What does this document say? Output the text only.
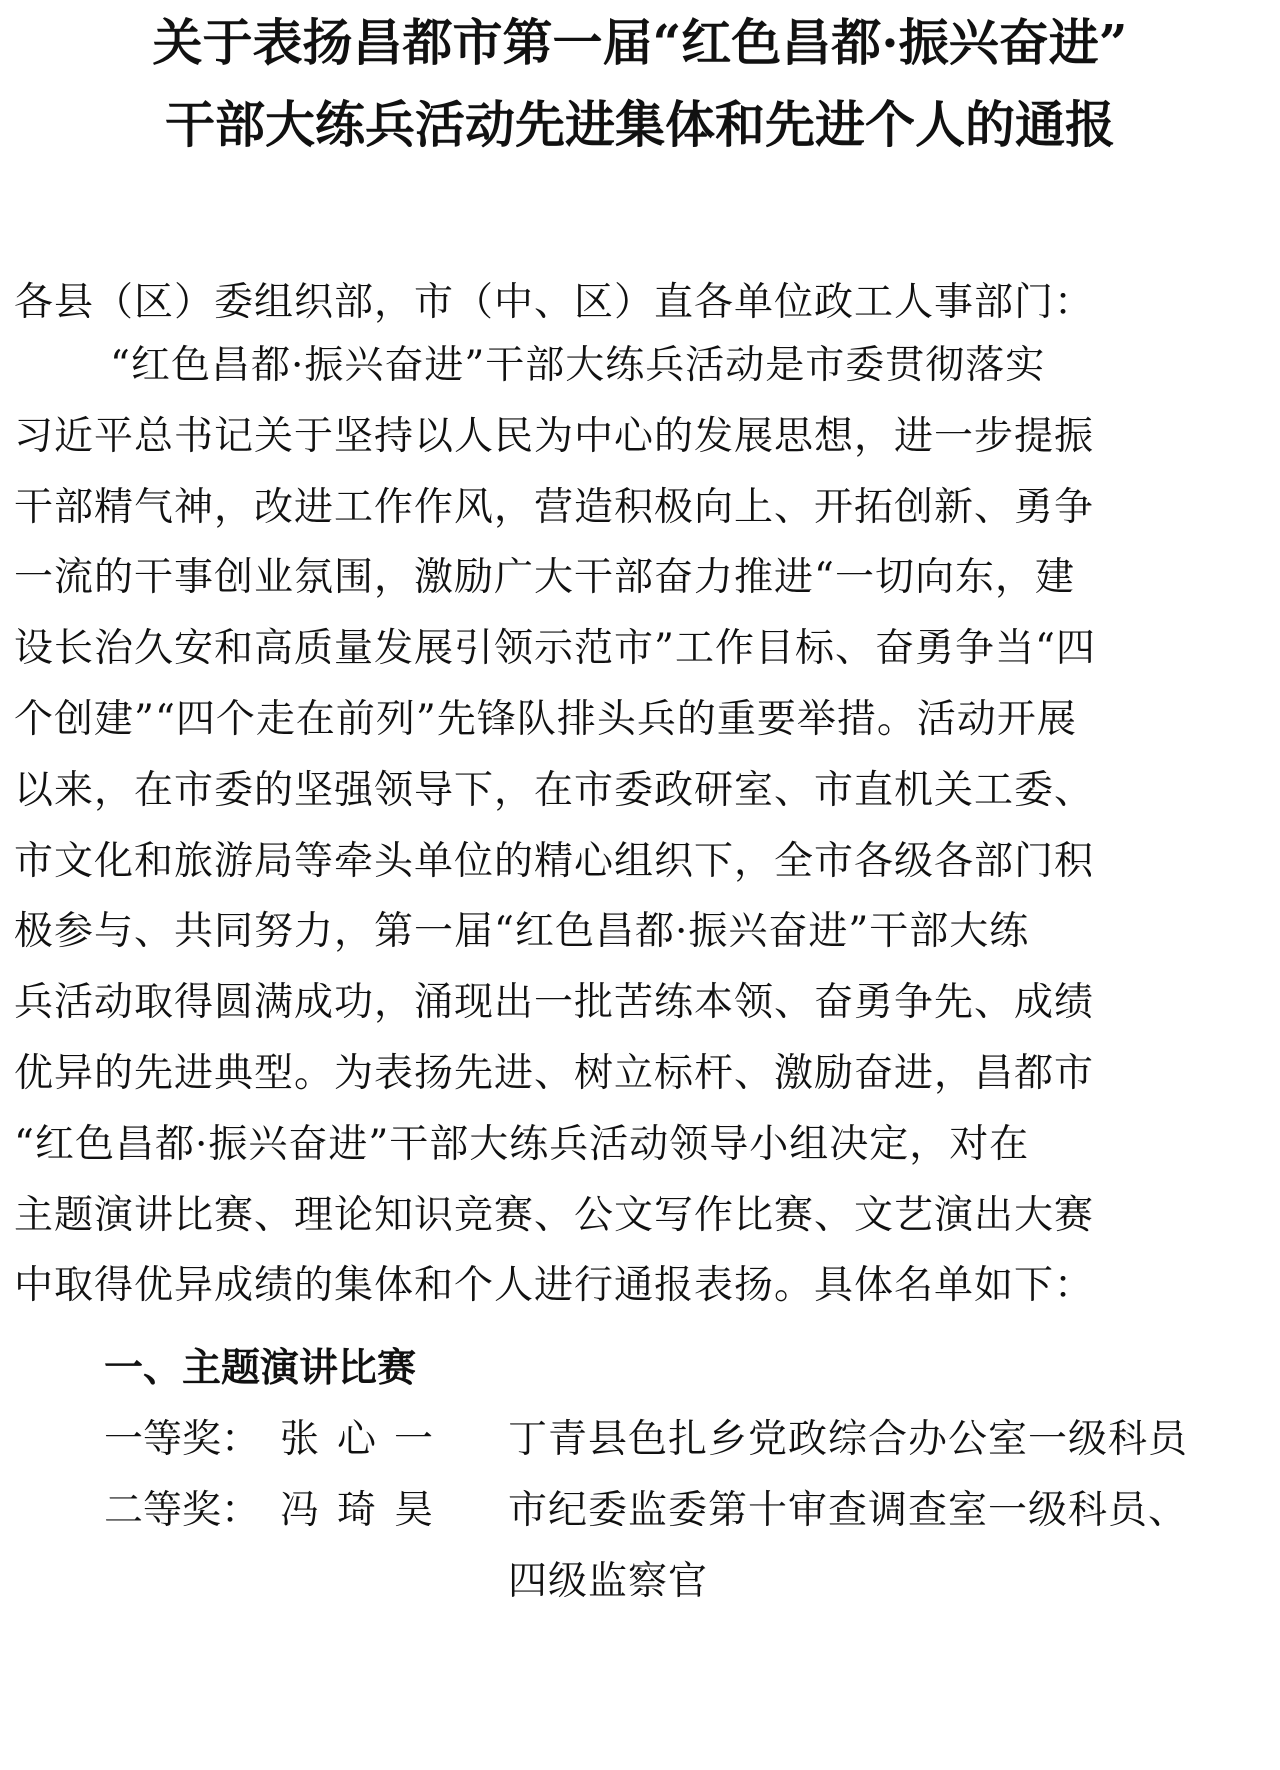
关于表扬昌都市第一届“红色昌都·振兴奋进”
干部大练兵活动先进集体和先进个人的通报
各县（区）委组织部，市（中、区）直各单位政工人事部门：
“红色昌都·振兴奋进”干部大练兵活动是市委贯彻落实
习近平总书记关于坚持以人民为中心的发展思想，进一步提振
干部精气神，改进工作作风，营造积极向上、开拓创新、勇争
一流的干事创业氛围，激励广大干部奋力推进“一切向东，建
设长治久安和高质量发展引领示范市”工作目标、奋勇争当“四
个创建”“四个走在前列”先锋队排头兵的重要举措。活动开展
以来，在市委的坚强领导下，在市委政研室、市直机关工委、
市文化和旅游局等牵头单位的精心组织下，全市各级各部门积
极参与、共同努力，第一届“红色昌都·振兴奋进”干部大练
兵活动取得圆满成功，涌现出一批苦练本领、奋勇争先、成绩
优异的先进典型。为表扬先进、树立标杆、激励奋进，昌都市
“红色昌都·振兴奋进”干部大练兵活动领导小组决定，对在
主题演讲比赛、理论知识竞赛、公文写作比赛、文艺演出大赛
中取得优异成绩的集体和个人进行通报表扬。具体名单如下：
一、主题演讲比赛
一等奖： 张心一 丁青县色扎乡党政综合办公室一级科员
二等奖： 冯琦昊 市纪委监委第十审查调查室一级科员、
四级监察官
